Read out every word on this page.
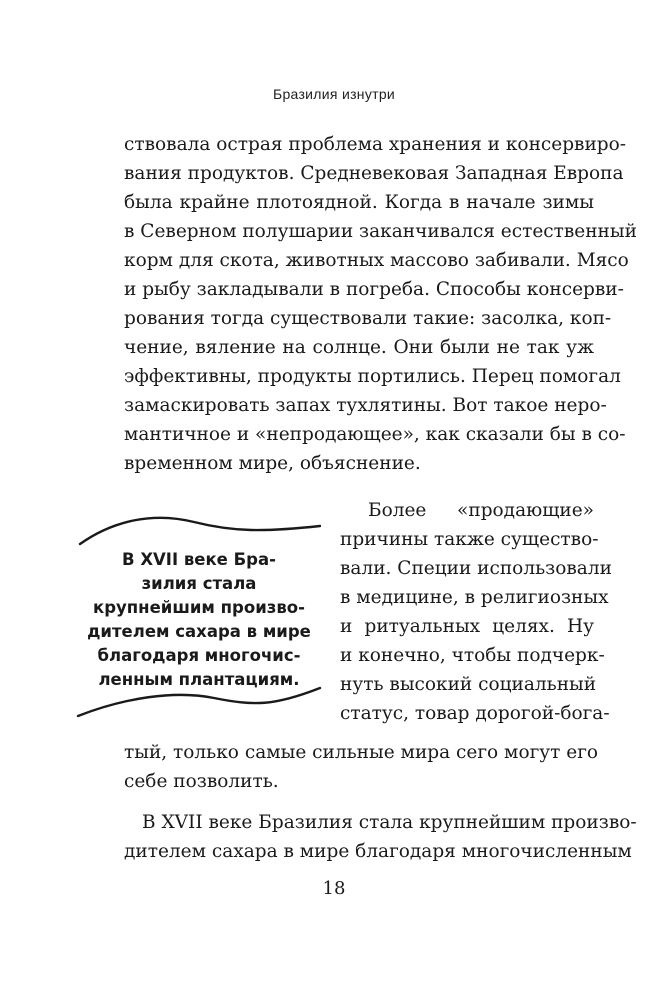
Бразилия изнутри
ствовала острая проблема хранения и консервиро-
вания продуктов. Средневековая Западная Европа
была крайне плотоядной. Когда в начале зимы
в Северном полушарии заканчивался естественный
корм для скота, животных массово забивали. Мясо
и рыбу закладывали в погреба. Способы консерви-
рования тогда существовали такие: засолка, коп-
чение, вяление на солнце. Они были не так уж
эффективны, продукты портились. Перец помогал
замаскировать запах тухлятины. Вот такое неро-
мантичное и «непродающее», как сказали бы в со-
временном мире, объяснение.
Более «продающие»
причины также существо-
вали. Специи использовали
в медицине, в религиозных
и ритуальных целях. Ну
и конечно, чтобы подчерк-
нуть высокий социальный
статус, товар дорогой-бога-
тый, только самые сильные мира сего могут его
себе позволить.
В XVII веке Бразилия стала крупнейшим произво-
дителем сахара в мире благодаря многочисленным
В XVII веке Бра-
зилия стала
крупнейшим произво-
дителем сахара в мире
благодаря многочис-
ленным плантациям.
18
